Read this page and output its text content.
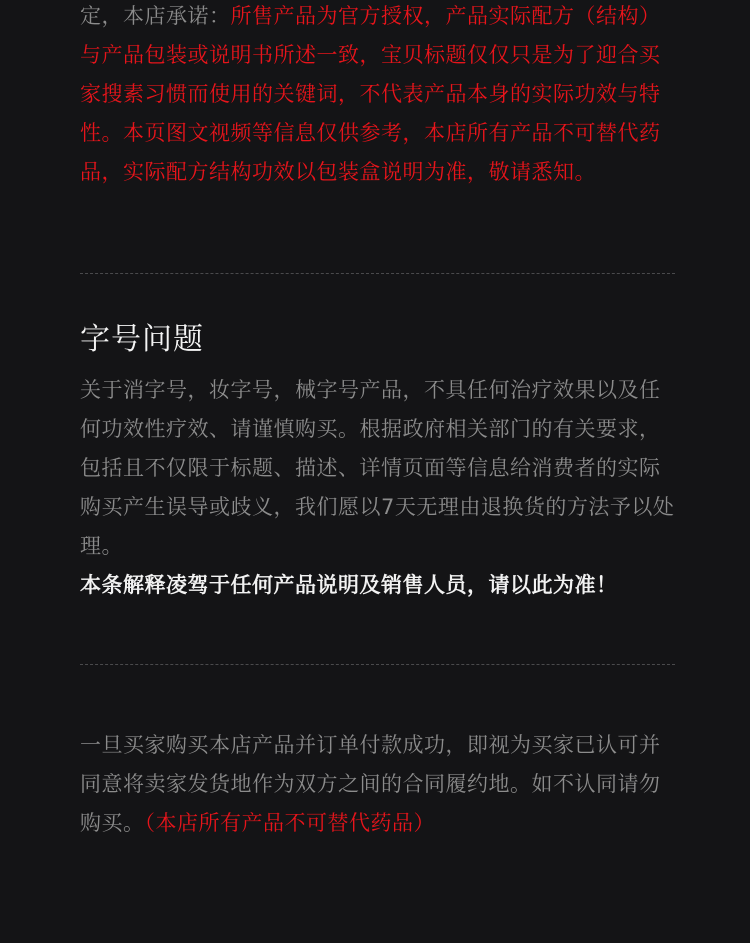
定，本店承诺：所售产品为官方授权，产品实际配方（结构）与产品包装或说明书所述一致，宝贝标题仅仅只是为了迎合买家搜素习惯而使用的关键词，不代表产品本身的实际功效与特性。本页图文视频等信息仅供参考，本店所有产品不可替代药品，实际配方结构功效以包装盒说明为准，敬请悉知。
字号问题
关于消字号，妆字号，械字号产品，不具任何治疗效果以及任何功效性疗效、请谨慎购买。根据政府相关部门的有关要求，包括且不仅限于标题、描述、详情页面等信息给消费者的实际购买产生误导或歧义，我们愿以7天无理由退换货的方法予以处理。
本条解释凌驾于任何产品说明及销售人员，请以此为准！
一旦买家购买本店产品并订单付款成功，即视为买家已认可并同意将卖家发货地作为双方之间的合同履约地。如不认同请勿购买。（本店所有产品不可替代药品）
